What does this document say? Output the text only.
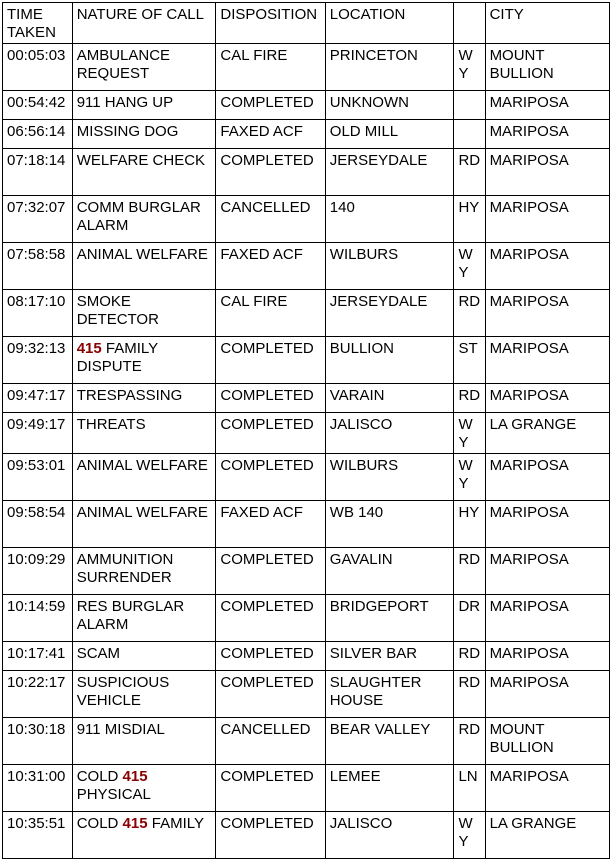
TIME TAKEN	NATURE OF CALL	DISPOSITION	LOCATION		CITY
00:05:03	AMBULANCE REQUEST	CAL FIRE	PRINCETON	WY	MOUNT BULLION
00:54:42	911 HANG UP	COMPLETED	UNKNOWN		MARIPOSA
06:56:14	MISSING DOG	FAXED ACF	OLD MILL		MARIPOSA
07:18:14	WELFARE CHECK	COMPLETED	JERSEYDALE	RD	MARIPOSA
07:32:07	COMM BURGLAR ALARM	CANCELLED	140	HY	MARIPOSA
07:58:58	ANIMAL WELFARE	FAXED ACF	WILBURS	WY	MARIPOSA
08:17:10	SMOKE DETECTOR	CAL FIRE	JERSEYDALE	RD	MARIPOSA
09:32:13	415 FAMILY DISPUTE	COMPLETED	BULLION	ST	MARIPOSA
09:47:17	TRESPASSING	COMPLETED	VARAIN	RD	MARIPOSA
09:49:17	THREATS	COMPLETED	JALISCO	WY	LA GRANGE
09:53:01	ANIMAL WELFARE	COMPLETED	WILBURS	WY	MARIPOSA
09:58:54	ANIMAL WELFARE	FAXED ACF	WB 140	HY	MARIPOSA
10:09:29	AMMUNITION SURRENDER	COMPLETED	GAVALIN	RD	MARIPOSA
10:14:59	RES BURGLAR ALARM	COMPLETED	BRIDGEPORT	DR	MARIPOSA
10:17:41	SCAM	COMPLETED	SILVER BAR	RD	MARIPOSA
10:22:17	SUSPICIOUS VEHICLE	COMPLETED	SLAUGHTER HOUSE	RD	MARIPOSA
10:30:18	911 MISDIAL	CANCELLED	BEAR VALLEY	RD	MOUNT BULLION
10:31:00	COLD 415 PHYSICAL	COMPLETED	LEMEE	LN	MARIPOSA
10:35:51	COLD 415 FAMILY	COMPLETED	JALISCO	WY	LA GRANGE
